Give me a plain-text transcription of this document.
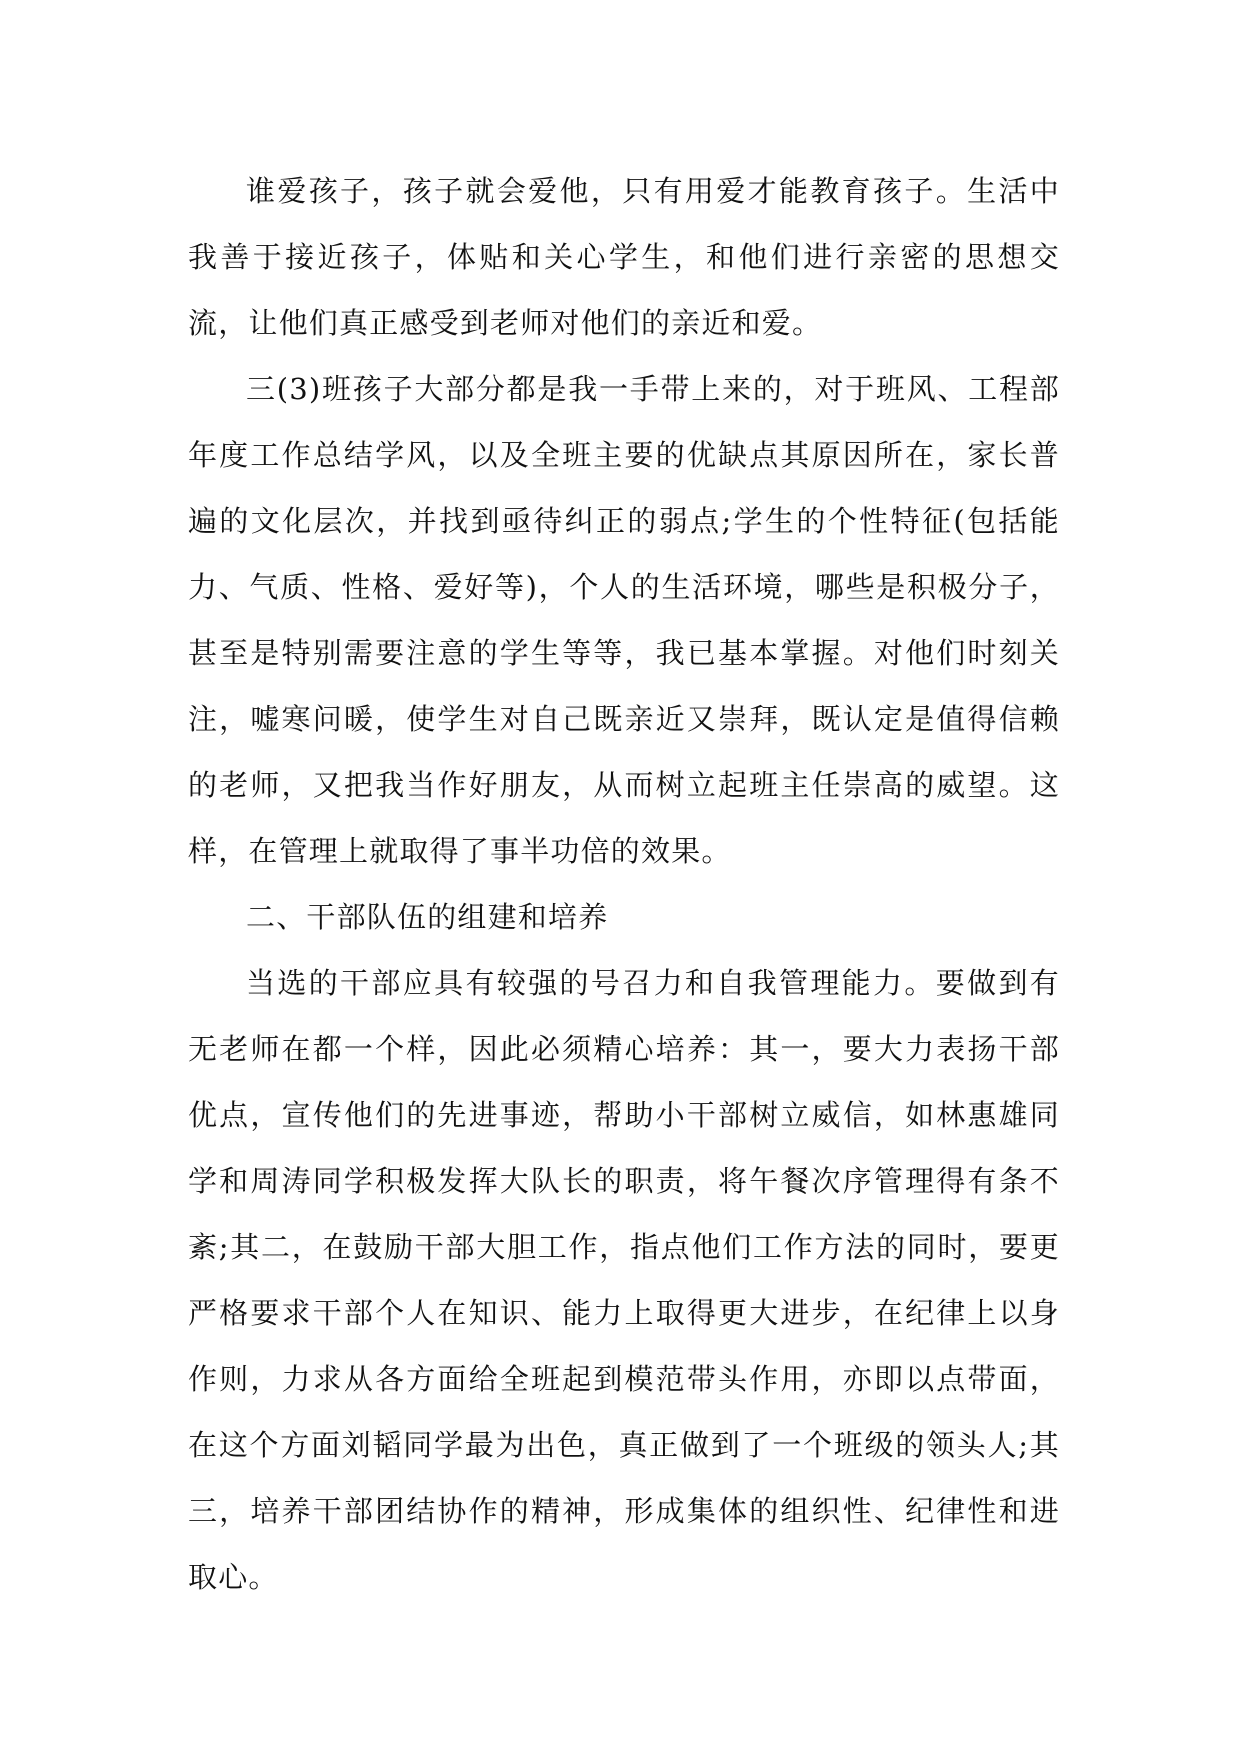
谁爱孩子，孩子就会爱他，只有用爱才能教育孩子。生活中我善于接近孩子，体贴和关心学生，和他们进行亲密的思想交流，让他们真正感受到老师对他们的亲近和爱。

三(3)班孩子大部分都是我一手带上来的，对于班风、工程部年度工作总结学风，以及全班主要的优缺点其原因所在，家长普遍的文化层次，并找到亟待纠正的弱点;学生的个性特征(包括能力、气质、性格、爱好等)，个人的生活环境，哪些是积极分子，甚至是特别需要注意的学生等等，我已基本掌握。对他们时刻关注，嘘寒问暖，使学生对自己既亲近又崇拜，既认定是值得信赖的老师，又把我当作好朋友，从而树立起班主任崇高的威望。这样，在管理上就取得了事半功倍的效果。

二、干部队伍的组建和培养

当选的干部应具有较强的号召力和自我管理能力。要做到有无老师在都一个样，因此必须精心培养：其一，要大力表扬干部优点，宣传他们的先进事迹，帮助小干部树立威信，如林惠雄同学和周涛同学积极发挥大队长的职责，将午餐次序管理得有条不紊;其二，在鼓励干部大胆工作，指点他们工作方法的同时，要更严格要求干部个人在知识、能力上取得更大进步，在纪律上以身作则，力求从各方面给全班起到模范带头作用，亦即以点带面，在这个方面刘韬同学最为出色，真正做到了一个班级的领头人;其三，培养干部团结协作的精神，形成集体的组织性、纪律性和进取心。
